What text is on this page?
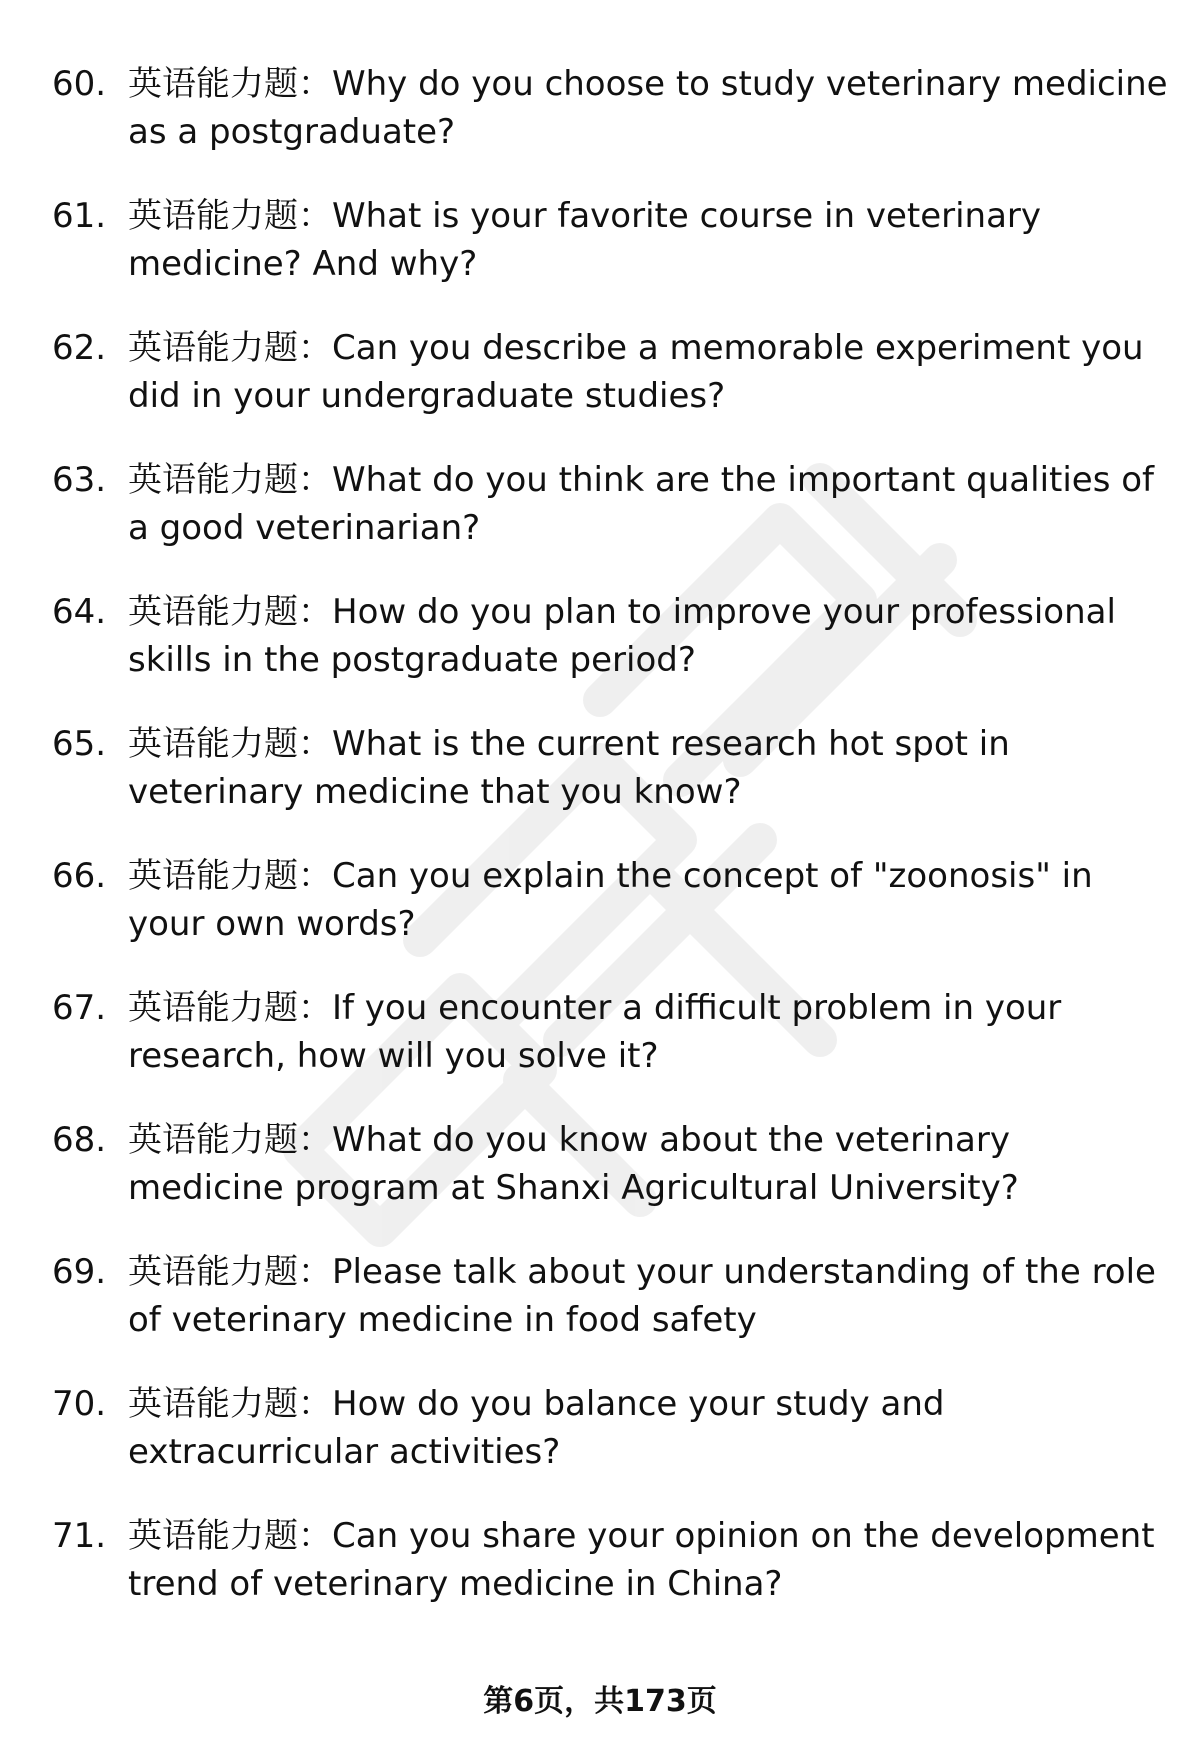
60. 英语能力题：Why do you choose to study veterinary medicine as a postgraduate?
61. 英语能力题：What is your favorite course in veterinary medicine? And why?
62. 英语能力题：Can you describe a memorable experiment you did in your undergraduate studies?
63. 英语能力题：What do you think are the important qualities of a good veterinarian?
64. 英语能力题：How do you plan to improve your professional skills in the postgraduate period?
65. 英语能力题：What is the current research hot spot in veterinary medicine that you know?
66. 英语能力题：Can you explain the concept of "zoonosis" in your own words?
67. 英语能力题：If you encounter a difficult problem in your research, how will you solve it?
68. 英语能力题：What do you know about the veterinary medicine program at Shanxi Agricultural University?
69. 英语能力题：Please talk about your understanding of the role of veterinary medicine in food safety
70. 英语能力题：How do you balance your study and extracurricular activities?
71. 英语能力题：Can you share your opinion on the development trend of veterinary medicine in China?
第6页，共173页
